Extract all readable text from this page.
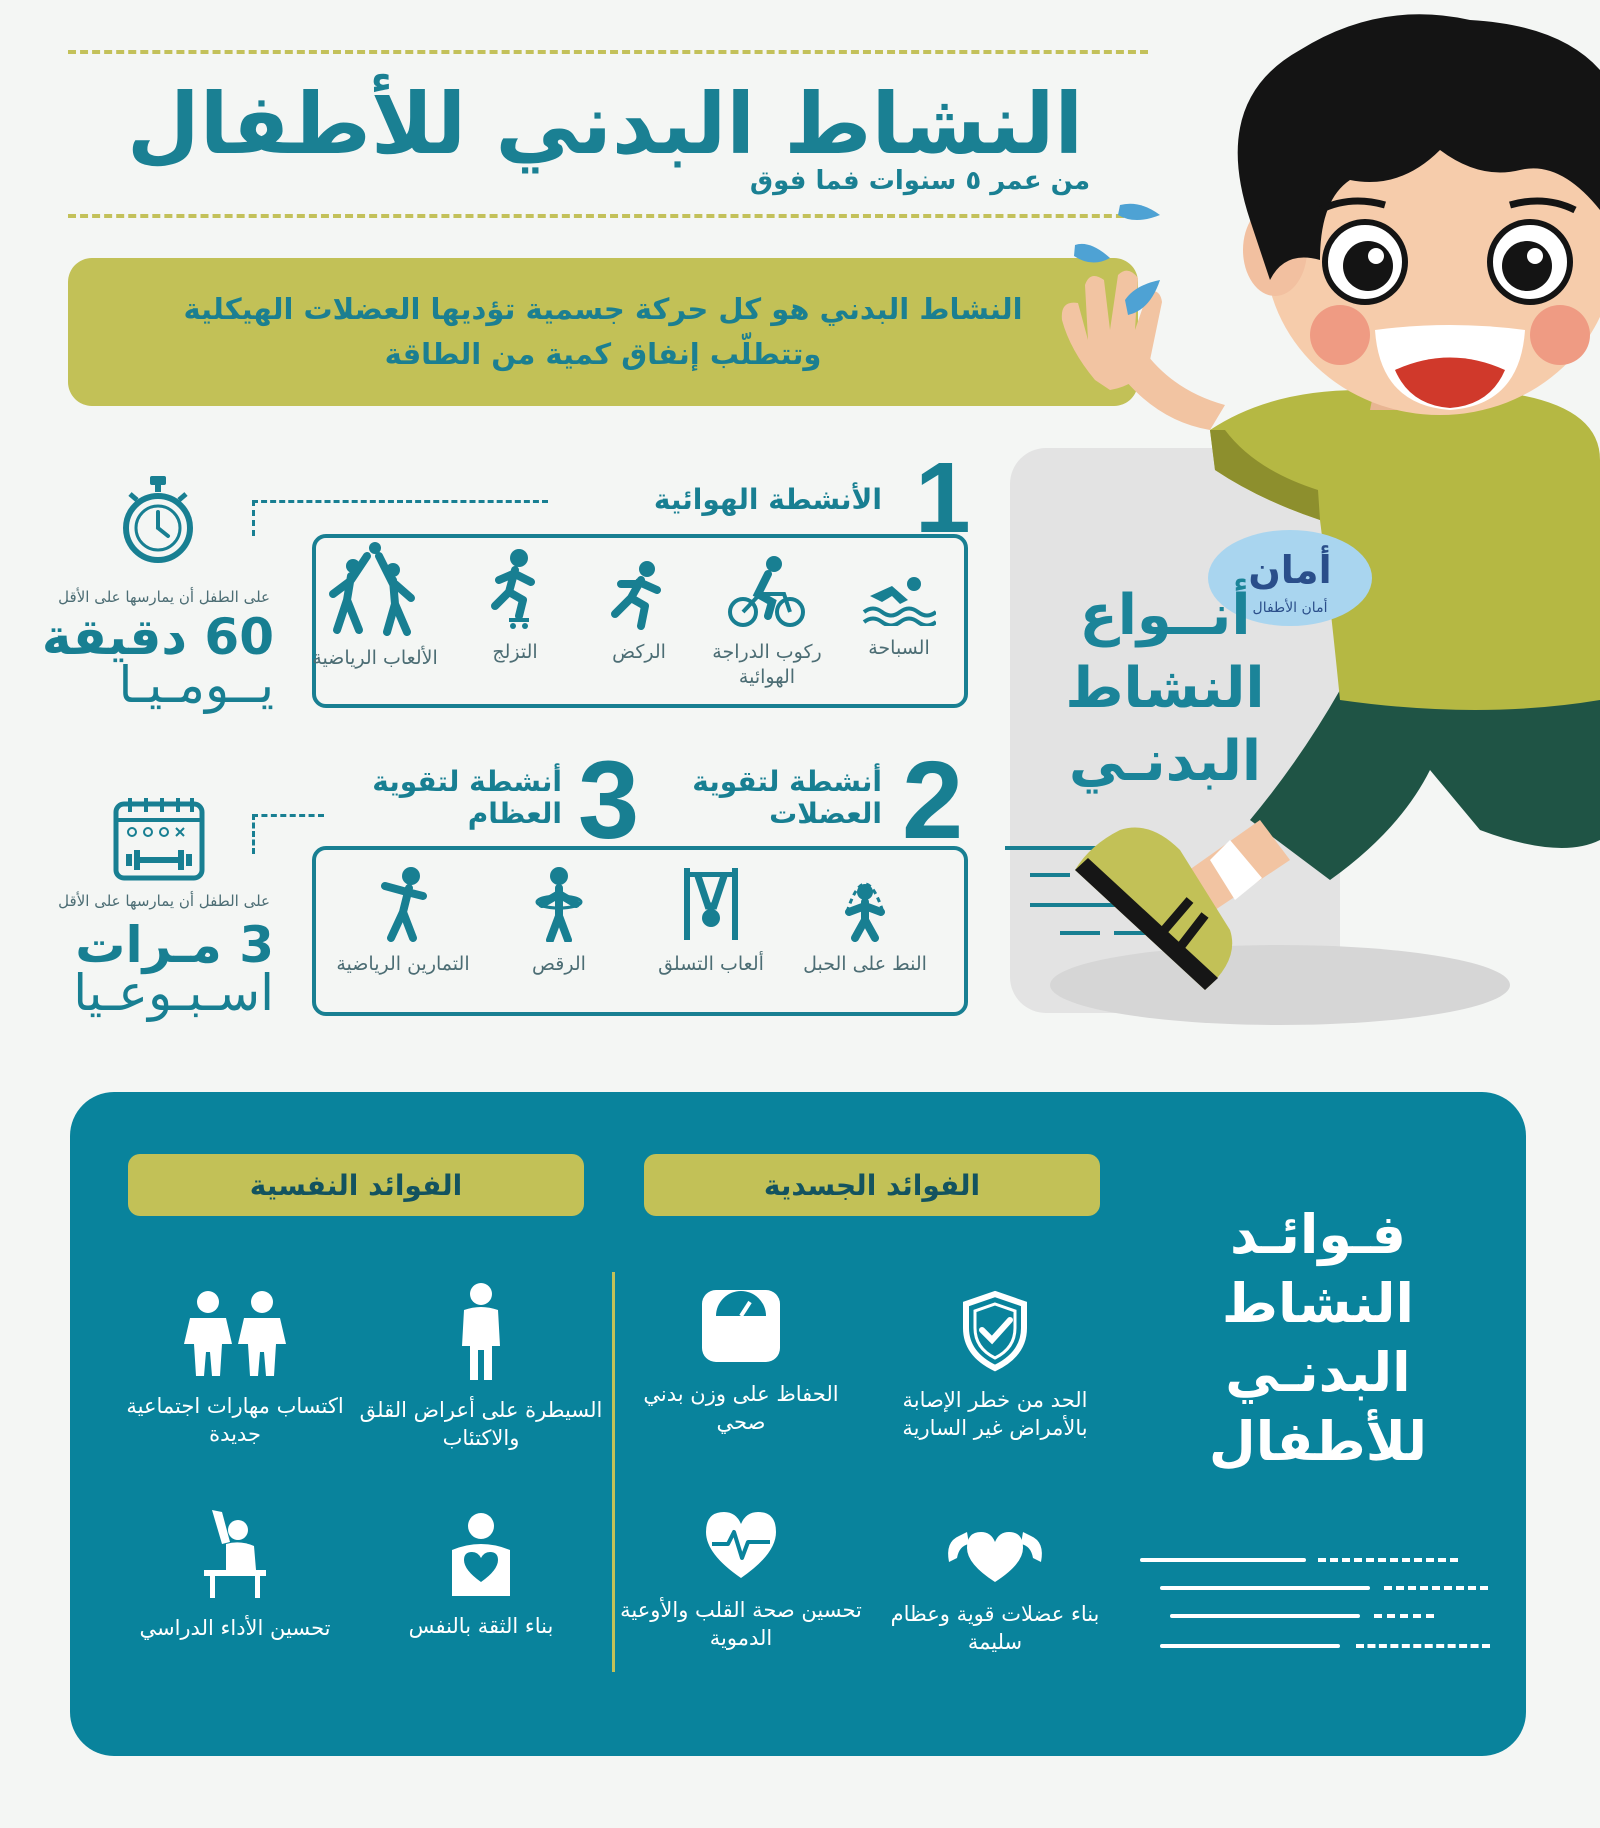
النشاط البدني للأطفال
من عمر ٥ سنوات فما فوق
النشاط البدني هو كل حركة جسمية تؤديها العضلات الهيكلية
وتتطلّب إنفاق كمية من الطاقة
أمان
أمان الأطفال
أنــواع
النشاط
البدنـي
1
الأنشطة الهوائية
السباحة
ركوب الدراجة الهوائية
الركض
التزلج
الألعاب الرياضية
على الطفل أن يمارسها على الأقل
60 دقيقة
يــومـيـا
2
أنشطة لتقوية العضلات
3
أنشطة لتقوية العظام
النط على الحبل
ألعاب التسلق
الرقص
التمارين الرياضية
على الطفل أن يمارسها على الأقل
3 مـرات
اسـبـوعـيا
الفوائد الجسدية
الفوائد النفسية
الحد من خطر الإصابة بالأمراض غير السارية
الحفاظ على وزن بدني صحي
بناء عضلات قوية وعظام سليمة
تحسين صحة القلب والأوعية الدموية
السيطرة على أعراض القلق والاكتئاب
اكتساب مهارات اجتماعية جديدة
بناء الثقة بالنفس
تحسين الأداء الدراسي
فـوائـد
النشاط
البدنـي
للأطفال
